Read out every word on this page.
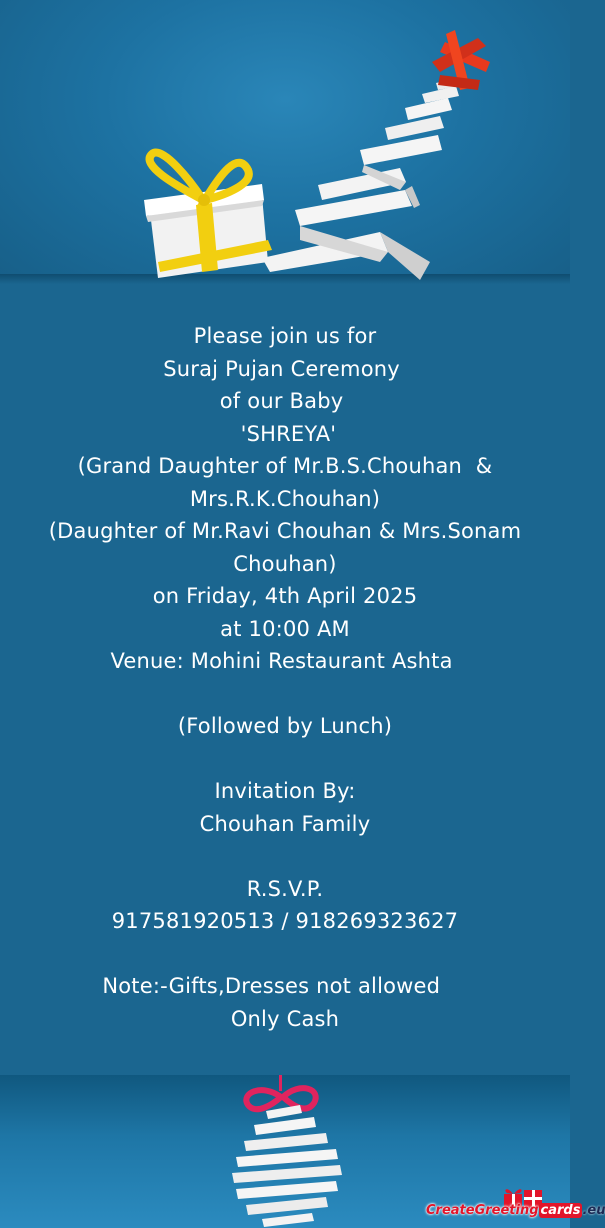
Please join us for
Suraj Pujan Ceremony
of our Baby
'SHREYA'
(Grand Daughter of Mr.B.S.Chouhan  &
Mrs.R.K.Chouhan)
(Daughter of Mr.Ravi Chouhan & Mrs.Sonam
Chouhan)
on Friday, 4th April 2025
at 10:00 AM
Venue: Mohini Restaurant Ashta
(Followed by Lunch)
Invitation By:
Chouhan Family
R.S.V.P.
917581920513 / 918269323627
Note:-Gifts,Dresses not allowed
Only Cash
CreateGreeting cards .eu
